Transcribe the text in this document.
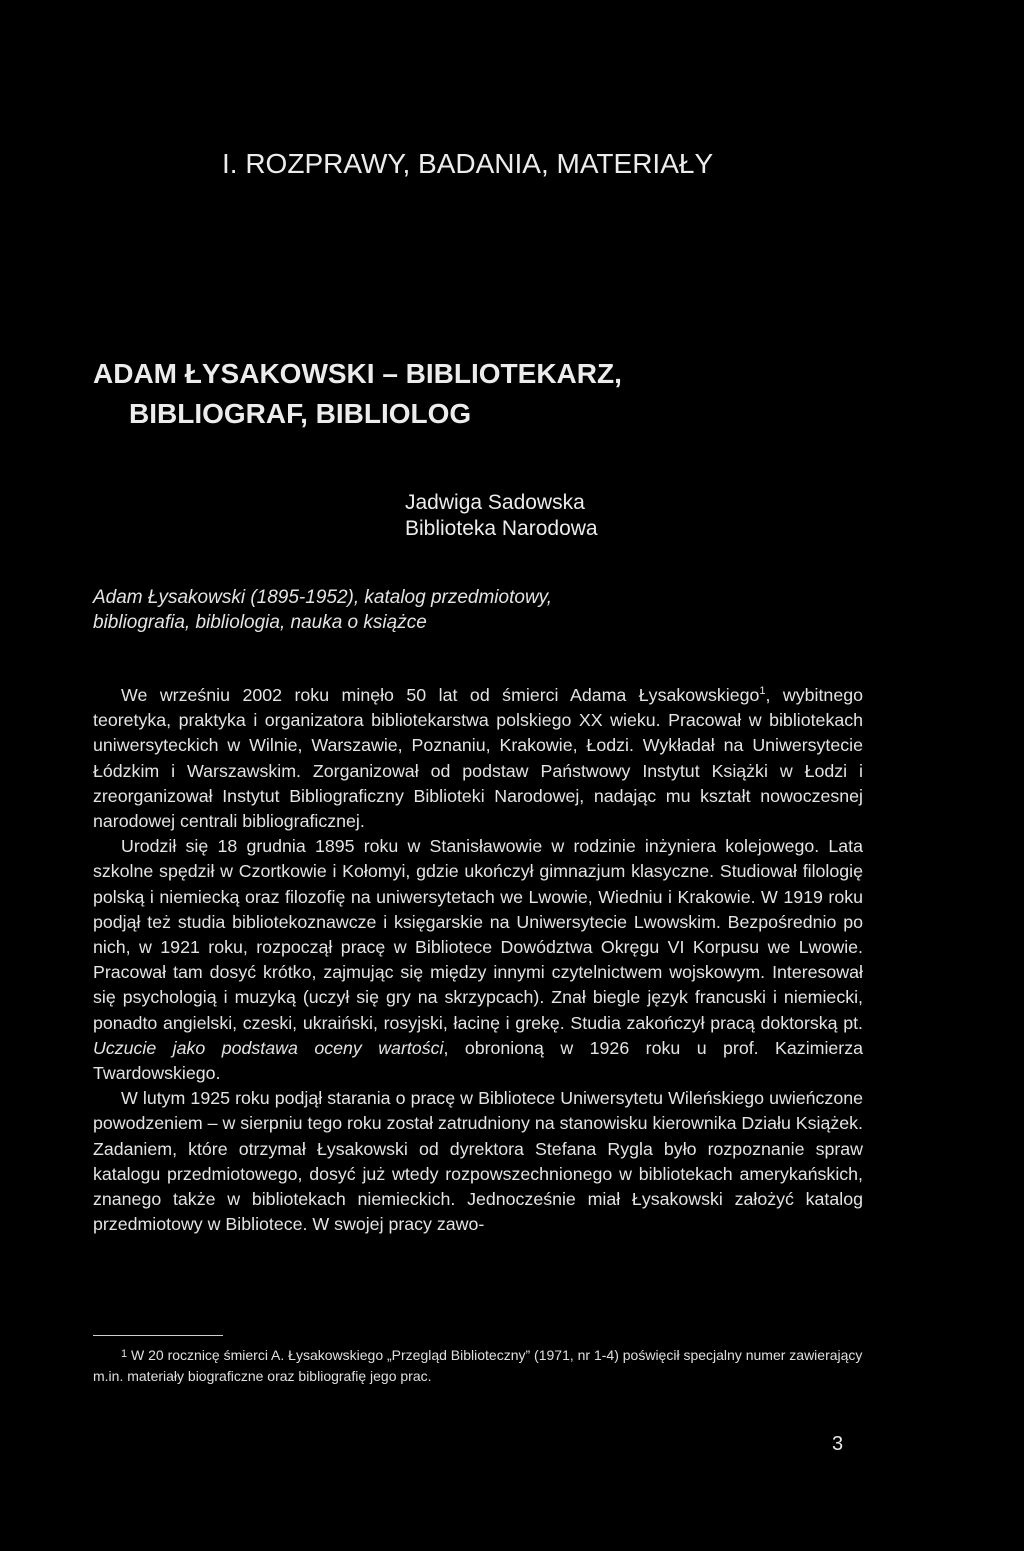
I. ROZPRAWY, BADANIA, MATERIAŁY
ADAM ŁYSAKOWSKI – BIBLIOTEKARZ,
BIBLIOGRAF, BIBLIOLOG
Jadwiga Sadowska
Biblioteka Narodowa
Adam Łysakowski (1895-1952), katalog przedmiotowy, bibliografia, bibliologia, nauka o książce

We wrześniu 2002 roku minęło 50 lat od śmierci Adama Łysakowskiego$^1$, wybitnego teoretyka, praktyka i organizatora bibliotekarstwa polskiego XX wieku. Pracował w bibliotekach uniwersyteckich w Wilnie, Warszawie, Poznaniu, Krakowie, Łodzi. Wykładał na Uniwersytecie Łódzkim i Warszawskim. Zorganizował od podstaw Państwowy Instytut Książki w Łodzi i zreorganizował Instytut Bibliograficzny Biblioteki Narodowej, nadając mu kształt nowoczesnej narodowej centrali bibliograficznej.

Urodził się 18 grudnia 1895 roku w Stanisławowie w rodzinie inżyniera kolejowego. Lata szkolne spędził w Czortkowie i Kołomyi, gdzie ukończył gimnazjum klasyczne. Studiował filologię polską i niemiecką oraz filozofię na uniwersytetach we Lwowie, Wiedniu i Krakowie. W 1919 roku podjął też studia bibliotekoznawcze i księgarskie na Uniwersytecie Lwowskim. Bezpośrednio po nich, w 1921 roku, rozpoczął pracę w Bibliotece Dowództwa Okręgu VI Korpusu we Lwowie. Pracował tam dosyć krótko, zajmując się między innymi czytelnictwem wojskowym. Interesował się psychologią i muzyką (uczył się gry na skrzypcach). Znał biegle język francuski i niemiecki, ponadto angielski, czeski, ukraiński, rosyjski, łacinę i grekę. Studia zakończył pracą doktorską pt. Uczucie jako podstawa oceny wartości, obronioną w 1926 roku u prof. Kazimierza Twardowskiego.

W lutym 1925 roku podjął starania o pracę w Bibliotece Uniwersytetu Wileńskiego uwieńczone powodzeniem – w sierpniu tego roku został zatrudniony na stanowisku kierownika Działu Książek. Zadaniem, które otrzymał Łysakowski od dyrektora Stefana Rygla było rozpoznanie spraw katalogu przedmiotowego, dosyć już wtedy rozpowszechnionego w bibliotekach amerykańskich, znanego także w bibliotekach niemieckich. Jednocześnie miał Łysakowski założyć katalog przedmiotowy w Bibliotece. W swojej pracy zawo-

$^1$ W 20 rocznicę śmierci A. Łysakowskiego „Przegląd Biblioteczny” (1971, nr 1-4) poświęcił specjalny numer zawierający m.in. materiały biograficzne oraz bibliografię jego prac.
3
